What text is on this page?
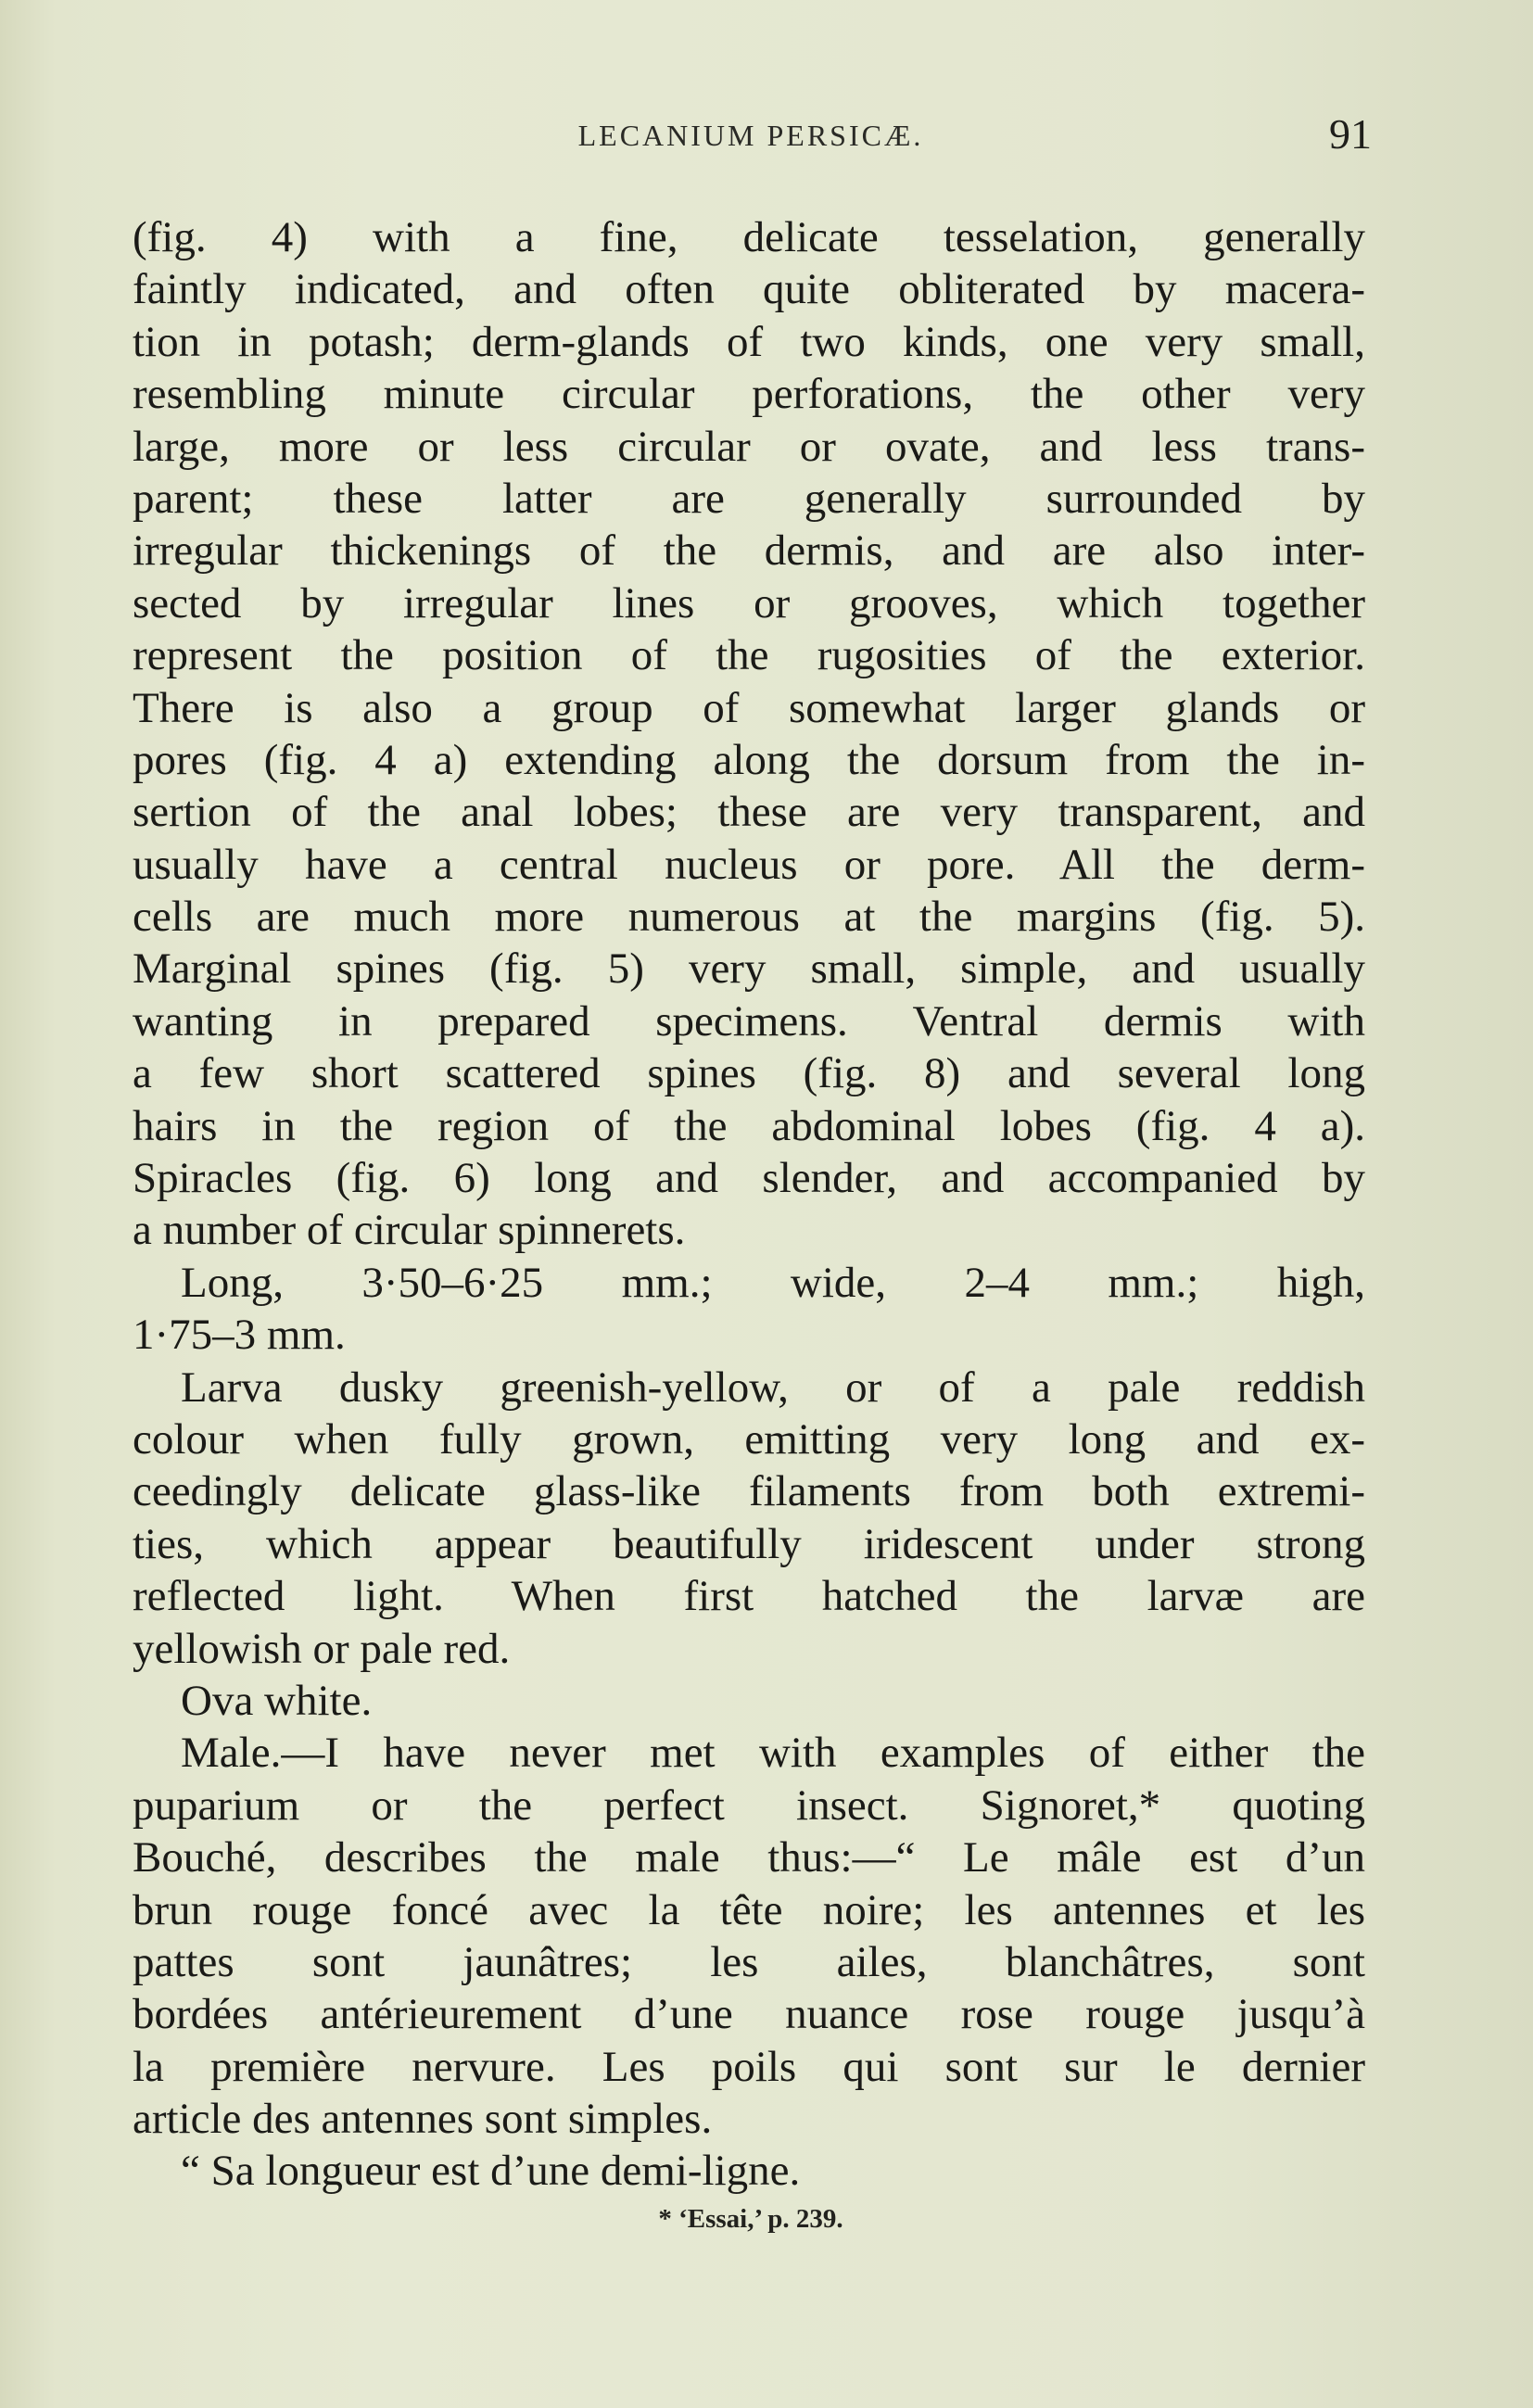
LECANIUM PERSICÆ.	91
(fig. 4) with a fine, delicate tesselation, generally
faintly indicated, and often quite obliterated by macera-
tion in potash; derm-glands of two kinds, one very small,
resembling minute circular perforations, the other very
large, more or less circular or ovate, and less trans-
parent; these latter are generally surrounded by
irregular thickenings of the dermis, and are also inter-
sected by irregular lines or grooves, which together
represent the position of the rugosities of the exterior.
There is also a group of somewhat larger glands or
pores (fig. 4 a) extending along the dorsum from the in-
sertion of the anal lobes; these are very transparent, and
usually have a central nucleus or pore. All the derm-
cells are much more numerous at the margins (fig. 5).
Marginal spines (fig. 5) very small, simple, and usually
wanting in prepared specimens. Ventral dermis with
a few short scattered spines (fig. 8) and several long
hairs in the region of the abdominal lobes (fig. 4 a).
Spiracles (fig. 6) long and slender, and accompanied by
a number of circular spinnerets.
Long, 3·50–6·25 mm.; wide, 2–4 mm.; high,
1·75–3 mm.
Larva dusky greenish-yellow, or of a pale reddish
colour when fully grown, emitting very long and ex-
ceedingly delicate glass-like filaments from both extremi-
ties, which appear beautifully iridescent under strong
reflected light. When first hatched the larvæ are
yellowish or pale red.
Ova white.
Male.—I have never met with examples of either the
puparium or the perfect insect. Signoret,* quoting
Bouché, describes the male thus:—“ Le mâle est d’un
brun rouge foncé avec la tête noire; les antennes et les
pattes sont jaunâtres; les ailes, blanchâtres, sont
bordées antérieurement d’une nuance rose rouge jusqu’à
la première nervure. Les poils qui sont sur le dernier
article des antennes sont simples.
“ Sa longueur est d’une demi-ligne.
* ‘Essai,’ p. 239.
